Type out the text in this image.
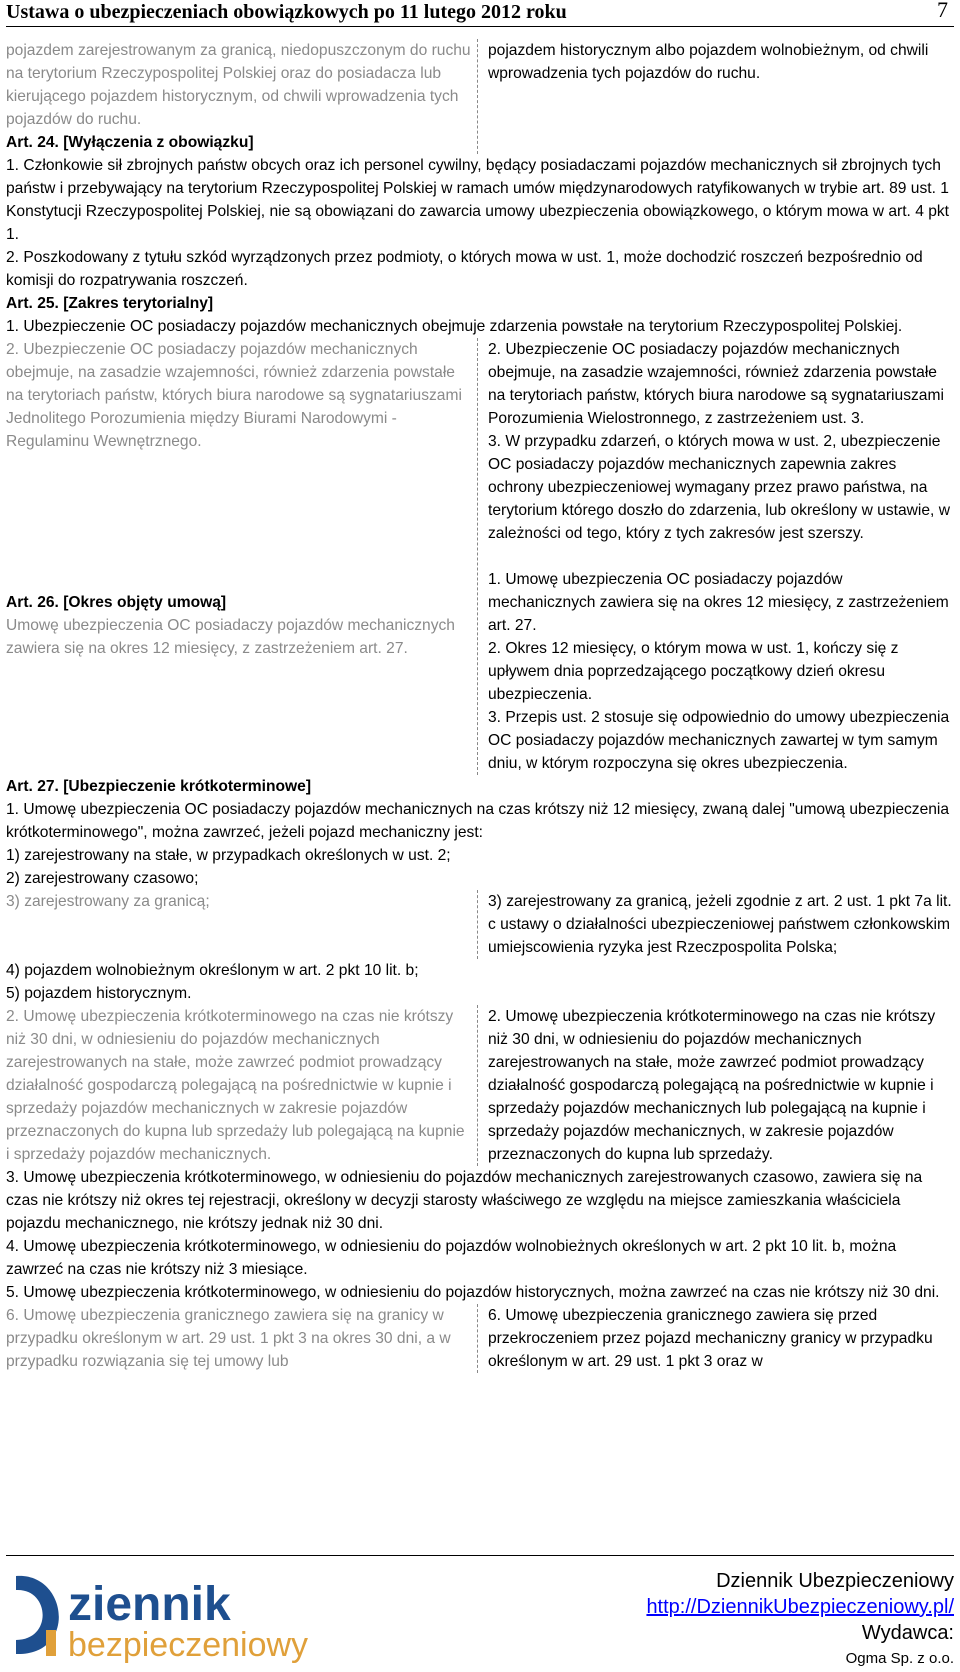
Ustawa o ubezpieczeniach obowiązkowych po 11 lutego 2012 roku	7

pojazdem zarejestrowanym za granicą, niedopuszczonym do ruchu na terytorium Rzeczypospolitej Polskiej oraz do posiadacza lub kierującego pojazdem historycznym, od chwili wprowadzenia tych pojazdów do ruchu.

Art. 24. [Wyłączenia z obowiązku]

pojazdem historycznym albo pojazdem wolnobieżnym, od chwili wprowadzenia tych pojazdów do ruchu.

1. Członkowie sił zbrojnych państw obcych oraz ich personel cywilny, będący posiadaczami pojazdów mechanicznych sił zbrojnych tych państw i przebywający na terytorium Rzeczypospolitej Polskiej w ramach umów międzynarodowych ratyfikowanych w trybie art. 89 ust. 1 Konstytucji Rzeczypospolitej Polskiej, nie są obowiązani do zawarcia umowy ubezpieczenia obowiązkowego, o którym mowa w art. 4 pkt 1.

2. Poszkodowany z tytułu szkód wyrządzonych przez podmioty, o których mowa w ust. 1, może dochodzić roszczeń bezpośrednio od komisji do rozpatrywania roszczeń.

Art. 25. [Zakres terytorialny]

1. Ubezpieczenie OC posiadaczy pojazdów mechanicznych obejmuje zdarzenia powstałe na terytorium Rzeczypospolitej Polskiej.

2. Ubezpieczenie OC posiadaczy pojazdów mechanicznych obejmuje, na zasadzie wzajemności, również zdarzenia powstałe na terytoriach państw, których biura narodowe są sygnatariuszami Jednolitego Porozumienia między Biurami Narodowymi - Regulaminu Wewnętrznego.

Art. 26. [Okres objęty umową]

Umowę ubezpieczenia OC posiadaczy pojazdów mechanicznych zawiera się na okres 12 miesięcy, z zastrzeżeniem art. 27.

2. Ubezpieczenie OC posiadaczy pojazdów mechanicznych obejmuje, na zasadzie wzajemności, również zdarzenia powstałe na terytoriach państw, których biura narodowe są sygnatariuszami Porozumienia Wielostronnego, z zastrzeżeniem ust. 3.

3. W przypadku zdarzeń, o których mowa w ust. 2, ubezpieczenie OC posiadaczy pojazdów mechanicznych zapewnia zakres ochrony ubezpieczeniowej wymagany przez prawo państwa, na terytorium którego doszło do zdarzenia, lub określony w ustawie, w zależności od tego, który z tych zakresów jest szerszy.

1. Umowę ubezpieczenia OC posiadaczy pojazdów mechanicznych zawiera się na okres 12 miesięcy, z zastrzeżeniem art. 27.

2. Okres 12 miesięcy, o którym mowa w ust. 1, kończy się z upływem dnia poprzedzającego początkowy dzień okresu ubezpieczenia.

3. Przepis ust. 2 stosuje się odpowiednio do umowy ubezpieczenia OC posiadaczy pojazdów mechanicznych zawartej w tym samym dniu, w którym rozpoczyna się okres ubezpieczenia.

Art. 27. [Ubezpieczenie krótkoterminowe]

1. Umowę ubezpieczenia OC posiadaczy pojazdów mechanicznych na czas krótszy niż 12 miesięcy, zwaną dalej "umową ubezpieczenia krótkoterminowego", można zawrzeć, jeżeli pojazd mechaniczny jest:

1) zarejestrowany na stałe, w przypadkach określonych w ust. 2;

2) zarejestrowany czasowo;

3) zarejestrowany za granicą;	3) zarejestrowany za granicą, jeżeli zgodnie z art. 2 ust. 1 pkt 7a lit. c ustawy o działalności ubezpieczeniowej państwem członkowskim umiejscowienia ryzyka jest Rzeczpospolita Polska;

4) pojazdem wolnobieżnym określonym w art. 2 pkt 10 lit. b;

5) pojazdem historycznym.

2. Umowę ubezpieczenia krótkoterminowego na czas nie krótszy niż 30 dni, w odniesieniu do pojazdów mechanicznych zarejestrowanych na stałe, może zawrzeć podmiot prowadzący działalność gospodarczą polegającą na pośrednictwie w kupnie i sprzedaży pojazdów mechanicznych w zakresie pojazdów przeznaczonych do kupna lub sprzedaży lub polegającą na kupnie i sprzedaży pojazdów mechanicznych.

2. Umowę ubezpieczenia krótkoterminowego na czas nie krótszy niż 30 dni, w odniesieniu do pojazdów mechanicznych zarejestrowanych na stałe, może zawrzeć podmiot prowadzący działalność gospodarczą polegającą na pośrednictwie w kupnie i sprzedaży pojazdów mechanicznych lub polegającą na kupnie i sprzedaży pojazdów mechanicznych, w zakresie pojazdów przeznaczonych do kupna lub sprzedaży.

3. Umowę ubezpieczenia krótkoterminowego, w odniesieniu do pojazdów mechanicznych zarejestrowanych czasowo, zawiera się na czas nie krótszy niż okres tej rejestracji, określony w decyzji starosty właściwego ze względu na miejsce zamieszkania właściciela pojazdu mechanicznego, nie krótszy jednak niż 30 dni.

4. Umowę ubezpieczenia krótkoterminowego, w odniesieniu do pojazdów wolnobieżnych określonych w art. 2 pkt 10 lit. b, można zawrzeć na czas nie krótszy niż 3 miesiące.

5. Umowę ubezpieczenia krótkoterminowego, w odniesieniu do pojazdów historycznych, można zawrzeć na czas nie krótszy niż 30 dni.

6. Umowę ubezpieczenia granicznego zawiera się na granicy w przypadku określonym w art. 29 ust. 1 pkt 3 na okres 30 dni, a w przypadku rozwiązania się tej umowy lub

6. Umowę ubezpieczenia granicznego zawiera się przed przekroczeniem przez pojazd mechaniczny granicy w przypadku określonym w art. 29 ust. 1 pkt 3 oraz w

ziennik
bezpieczeniowy
Dziennik Ubezpieczeniowy
http://DziennikUbezpieczeniowy.pl/
Wydawca:
Ogma Sp. z o.o.
